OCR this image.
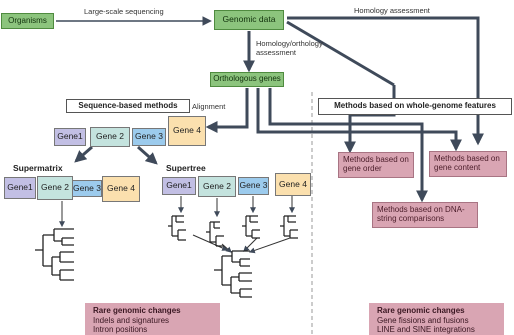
Organisms
Large-scale sequencing
Genomic data
Homology assessment
Homology/orthology
assessment
Orthologous genes
Sequence-based methods	Alignment	Methods based on whole-genome features
Gene1	Gene 2	Gene 3
Gene 4
Supermatrix	Supertree
Gene1 Gene 2 Gene 3 Gene 4	Gene1	Gene 2	Gene 3	Gene 4
Methods based on gene order
Methods based on gene content
Methods based on DNA-string comparisons
Rare genomic changes
Indels and signatures
Intron positions
Rare genomic changes
Gene fissions and fusions
LINE and SINE integrations
